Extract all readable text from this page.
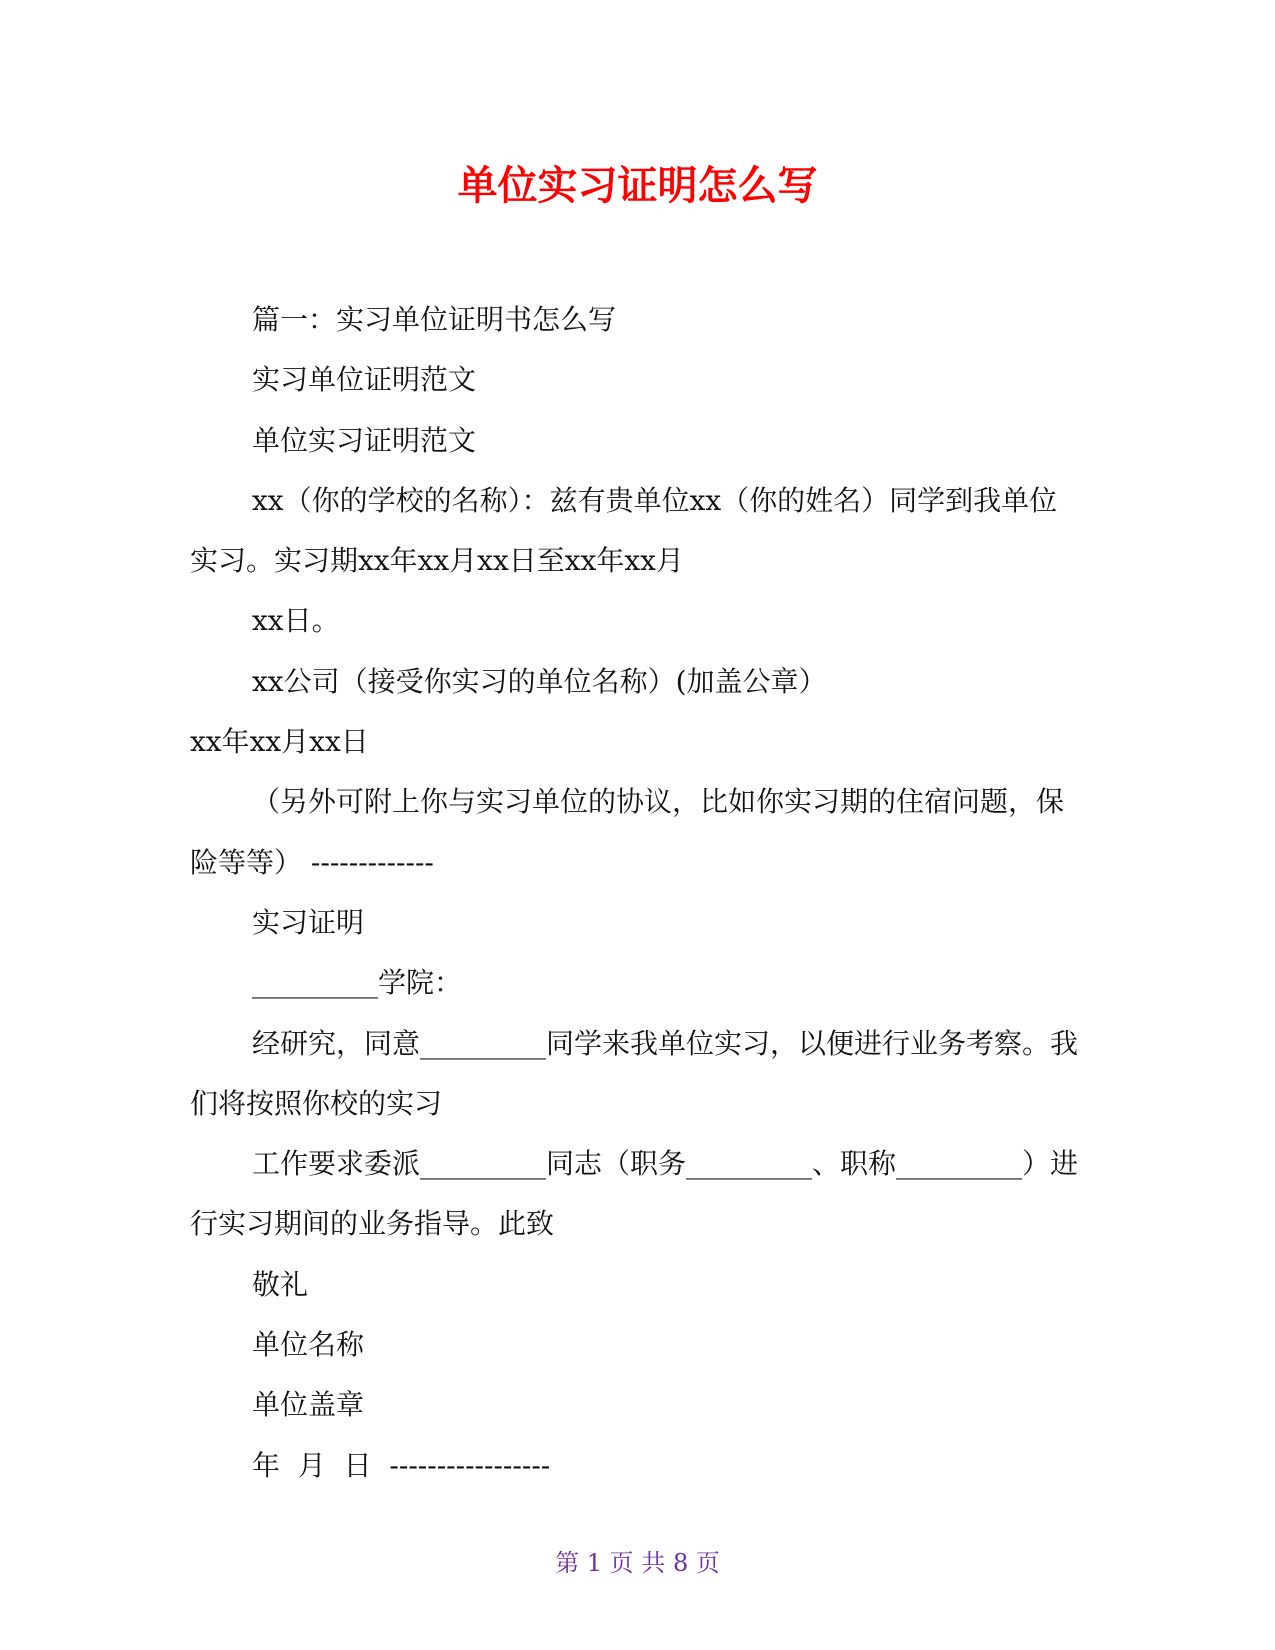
单位实习证明怎么写

篇一：实习单位证明书怎么写

实习单位证明范文

单位实习证明范文

xx（你的学校的名称）：兹有贵单位xx（你的姓名）同学到我单位实习。实习期xx年xx月xx日至xx年xx月

xx日。

xx公司（接受你实习的单位名称）(加盖公章）

xx年xx月xx日

（另外可附上你与实习单位的协议，比如你实习期的住宿问题，保险等等） -------------

实习证明

_________学院：

经研究，同意_________同学来我单位实习，以便进行业务考察。我们将按照你校的实习

工作要求委派_________同志（职务_________、职称_________）进行实习期间的业务指导。此致

敬礼

单位名称

单位盖章

年  月  日  -----------------

第 1 页 共 8 页
